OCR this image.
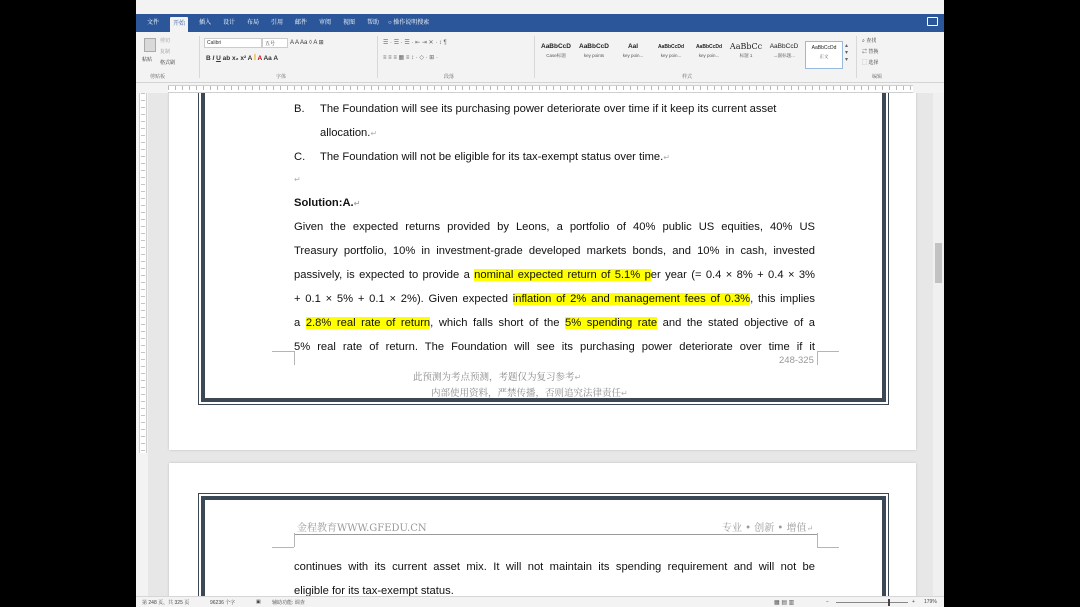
文件	开始	插入	设计	布局	引用	邮件	审阅	视图	帮助	○ 操作说明搜索
粘贴
剪切
复制
格式刷
剪贴板
Calibri	五号 A A Aa ◊ A ⊞
B I U ab x₂ x² A ꟾ A Aa A
字体
☰ · ☰ · ☰ · ⇤ ⇥ ✕ · ↕ ¶
≡ ≡ ≡ ▦ ≡ ↕ · ◇ · ⊞ ·
段落
AaBbCcD
Case标题
AaBbCcD
key points
Aal
key poin...
AaBbCcDd
key poin...
AaBbCcDd
key poin...
AaBbCc
标题 1
AaBbCcD
→副标题...
AaBbCcDd
正文
▴
▾
▾
样式
⌕ 查找
⇄ 替换
⬚ 选择
编辑
B. The Foundation will see its purchasing power deteriorate over time if it keep its current asset
allocation.↵
C. The Foundation will not be eligible for its tax-exempt status over time.↵
↵
Solution:A.↵
Given the expected returns provided by Leons, a portfolio of 40% public US equities, 40% US
Treasury portfolio, 10% in investment-grade developed markets bonds, and 10% in cash, invested
passively, is expected to provide a nominal expected return of 5.1% per year (= 0.4 × 8% + 0.4 × 3%
+ 0.1 × 5% + 0.1 × 2%). Given expected inflation of 2% and management fees of 0.3%, this implies
a 2.8% real rate of return, which falls short of the 5% spending rate and the stated objective of a
5% real rate of return. The Foundation will see its purchasing power deteriorate over time if it
248-325
此预测为考点预测，考题仅为复习参考↵
内部使用资料，严禁传播，否则追究法律责任↵
金程教育WWW.GFEDU.CN	专业 • 创新 • 增值↵
continues with its current asset mix. It will not maintain its spending requirement and will not be
eligible for its tax-exempt status.
第 248 页，共 325 页	96236 个字	▣ 辅助功能: 调查	▦ ▤ ▥	−	+ 179%
